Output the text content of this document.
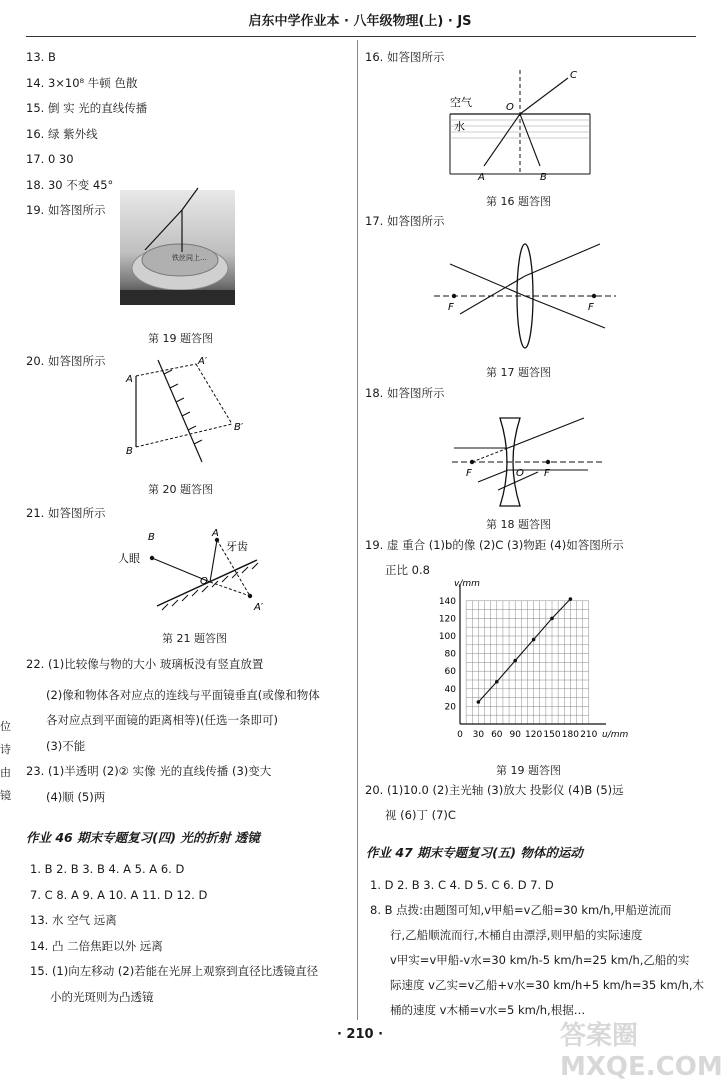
启东中学作业本 · 八年级物理(上) · JS
13. B
14. 3×10⁸ 牛顿 色散
15. 倒 实 光的直线传播
16. 绿 紫外线
17. 0 30
18. 30 不变 45°
19. 如答图所示
20. 如答图所示
21. 如答图所示
22. (1)比较像与物的大小 玻璃板没有竖直放置
(2)像和物体各对应点的连线与平面镜垂直(或像和物体
各对应点到平面镜的距离相等)(任选一条即可)
(3)不能
23. (1)半透明 (2)② 实像 光的直线传播 (3)变大
(4)顺 (5)两
1. B 2. B 3. B 4. A 5. A 6. D
7. C 8. A 9. A 10. A 11. D 12. D
13. 水 空气 远离
14. 凸 二倍焦距以外 远离
15. (1)向左移动 (2)若能在光屏上观察到直径比透镜直径
小的光斑则为凸透镜
16. 如答图所示
17. 如答图所示
18. 如答图所示
19. 虚 重合 (1)b的像 (2)C (3)物距 (4)如答图所示
正比 0.8
20. (1)10.0 (2)主光轴 (3)放大 投影仪 (4)B (5)远
视 (6)丁 (7)C
1. D 2. B 3. C 4. D 5. C 6. D 7. D
8. B 点拨:由题图可知,v甲船=v乙船=30 km/h,甲船逆流而
行,乙船顺流而行,木桶自由漂浮,则甲船的实际速度
v甲实=v甲船-v水=30 km/h-5 km/h=25 km/h,乙船的实
际速度 v乙实=v乙船+v水=30 km/h+5 km/h=35 km/h,木
桶的速度 v木桶=v水=5 km/h,根据…
作业 46 期末专题复习(四) 光的折射 透镜
作业 47 期末专题复习(五) 物体的运动
铁丝同上…
第 19 题答图
A
A′
B
B′
第 20 题答图
B
人眼
A
牙齿
O
A′
第 21 题答图
空气
水
O
A	B
C
第 16 题答图
F	F
第 17 题答图
F	F
O
第 18 题答图
0 30 60 90 120 150 180 210
20
40
60
80
100
120
140
u/mm
v/mm
第 19 题答图
位
诗
由
镜
· 210 ·	答案圈 MXQE.COM
